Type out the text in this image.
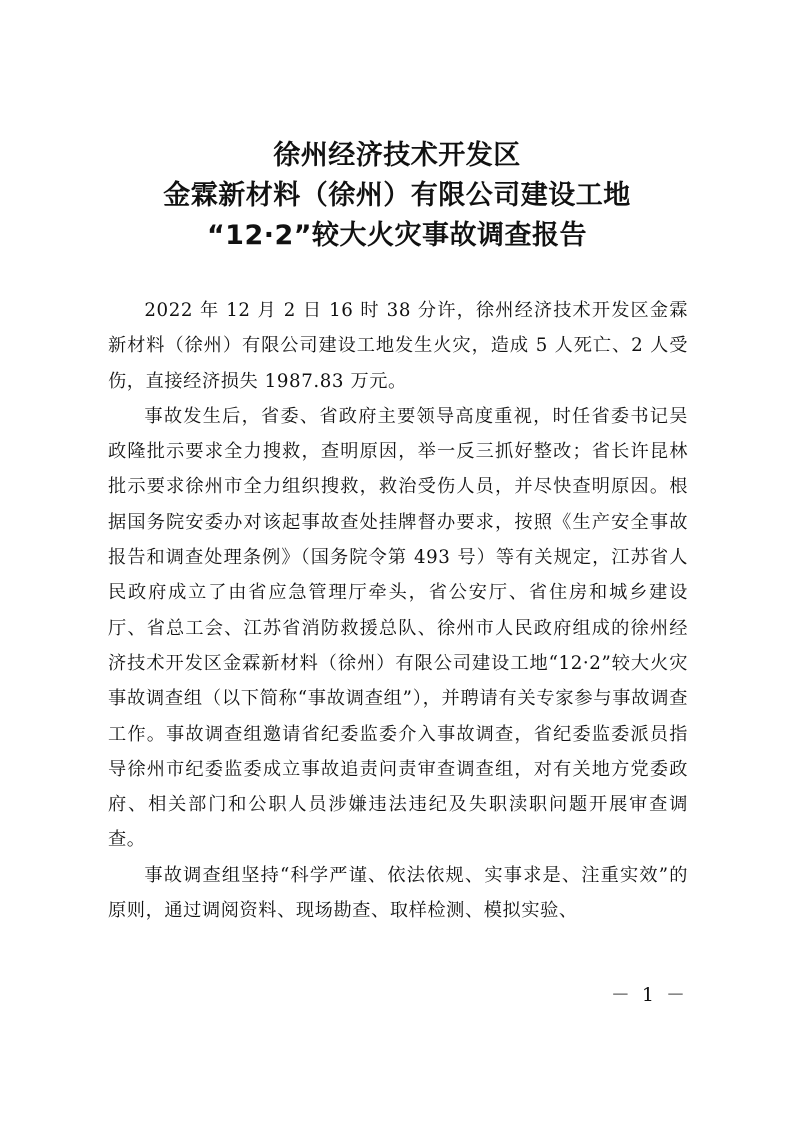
徐州经济技术开发区
金霖新材料（徐州）有限公司建设工地
“12·2”较大火灾事故调查报告

2022 年 12 月 2 日 16 时 38 分许，徐州经济技术开发区金霖新材料（徐州）有限公司建设工地发生火灾，造成 5 人死亡、2 人受伤，直接经济损失 1987.83 万元。

事故发生后，省委、省政府主要领导高度重视，时任省委书记吴政隆批示要求全力搜救，查明原因，举一反三抓好整改；省长许昆林批示要求徐州市全力组织搜救，救治受伤人员，并尽快查明原因。根据国务院安委办对该起事故查处挂牌督办要求，按照《生产安全事故报告和调查处理条例》（国务院令第 493 号）等有关规定，江苏省人民政府成立了由省应急管理厅牵头，省公安厅、省住房和城乡建设厅、省总工会、江苏省消防救援总队、徐州市人民政府组成的徐州经济技术开发区金霖新材料（徐州）有限公司建设工地“12·2”较大火灾事故调查组（以下简称“事故调查组”），并聘请有关专家参与事故调查工作。事故调查组邀请省纪委监委介入事故调查，省纪委监委派员指导徐州市纪委监委成立事故追责问责审查调查组，对有关地方党委政府、相关部门和公职人员涉嫌违法违纪及失职渎职问题开展审查调查。

事故调查组坚持“科学严谨、依法依规、实事求是、注重实效”的原则，通过调阅资料、现场勘查、取样检测、模拟实验、

－ 1 －
